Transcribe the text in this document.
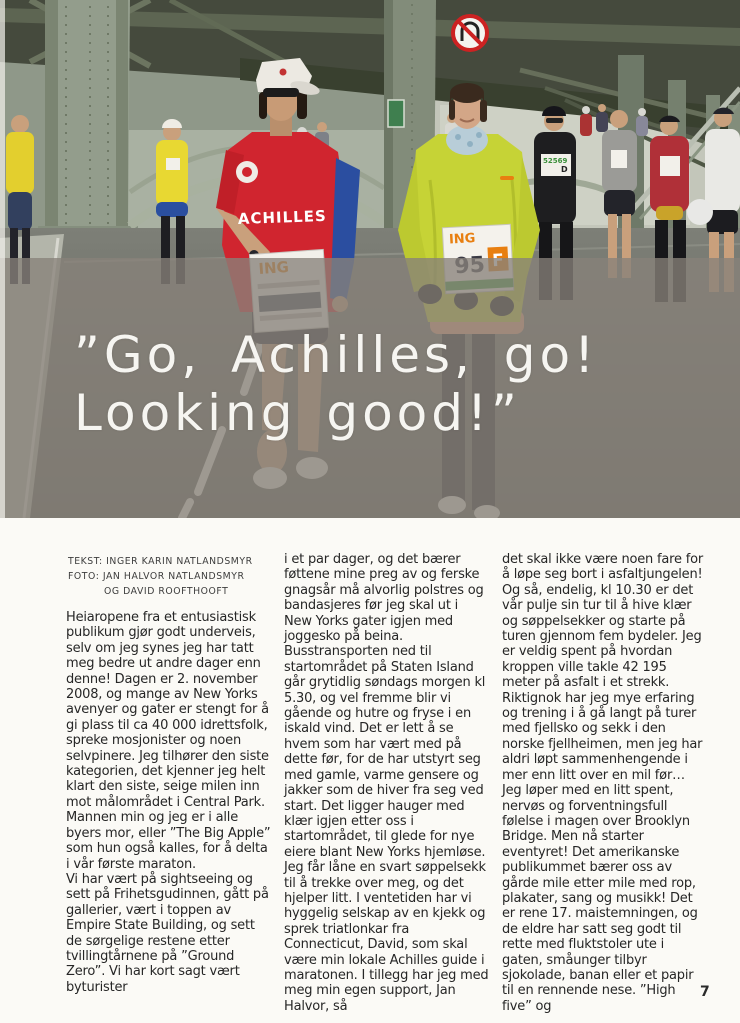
52569
D
ACHILLES
ING
”Go, Achilles, go!
Looking good!”
TEKST: INGER KARIN NATLANDSMYR
FOTO: JAN HALVOR NATLANDSMYR
OG DAVID ROOFTHOOFT

Heiaropene fra et entusiastisk publikum gjør godt underveis, selv om jeg synes jeg har tatt meg bedre ut andre dager enn denne! Dagen er 2. november 2008, og mange av New Yorks avenyer og gater er stengt for å gi plass til ca 40 000 idrettsfolk, spreke mosjonister og noen selvpinere. Jeg tilhører den siste kategorien, det kjenner jeg helt klart den siste, seige milen inn mot målområdet i Central Park.

Mannen min og jeg er i alle byers mor, eller ”The Big Apple” som hun også kalles, for å delta i vår første maraton.

Vi har vært på sightseeing og sett på Frihetsgudinnen, gått på gallerier, vært i toppen av Empire State Building, og sett de sørgelige restene etter tvillingtårnene på ”Ground Zero”. Vi har kort sagt vært byturister

i et par dager, og det bærer føttene mine preg av og ferske gnagsår må alvorlig polstres og bandasjeres før jeg skal ut i New Yorks gater igjen med joggesko på beina. Busstransporten ned til startområdet på Staten Island går grytidlig søndags morgen kl 5.30, og vel fremme blir vi gående og hutre og fryse i en iskald vind. Det er lett å se hvem som har vært med på dette før, for de har utstyrt seg med gamle, varme gensere og jakker som de hiver fra seg ved start. Det ligger hauger med klær igjen etter oss i startområdet, til glede for nye eiere blant New Yorks hjemløse. Jeg får låne en svart søppelsekk til å trekke over meg, og det hjelper litt. I ventetiden har vi hyggelig selskap av en kjekk og sprek triatlonkar fra Connecticut, David, som skal være min lokale Achilles guide i maratonen. I tillegg har jeg med meg min egen support, Jan Halvor, så

det skal ikke være noen fare for å løpe seg bort i asfaltjungelen! Og så, endelig, kl 10.30 er det vår pulje sin tur til å hive klær og søppelsekker og starte på turen gjennom fem bydeler. Jeg er veldig spent på hvordan kroppen ville takle 42 195 meter på asfalt i et strekk. Riktignok har jeg mye erfaring og trening i å gå langt på turer med fjellsko og sekk i den norske fjellheimen, men jeg har aldri løpt sammenhengende i mer enn litt over en mil før… Jeg løper med en litt spent, nervøs og forventningsfull følelse i magen over Brooklyn Bridge. Men nå starter eventyret! Det amerikanske publikummet bærer oss av gårde mile etter mile med rop, plakater, sang og musikk! Det er rene 17. maistemningen, og de eldre har satt seg godt til rette med fluktstoler ute i gaten, småunger tilbyr sjokolade, banan eller et papir til en rennende nese. ”High five” og

7
